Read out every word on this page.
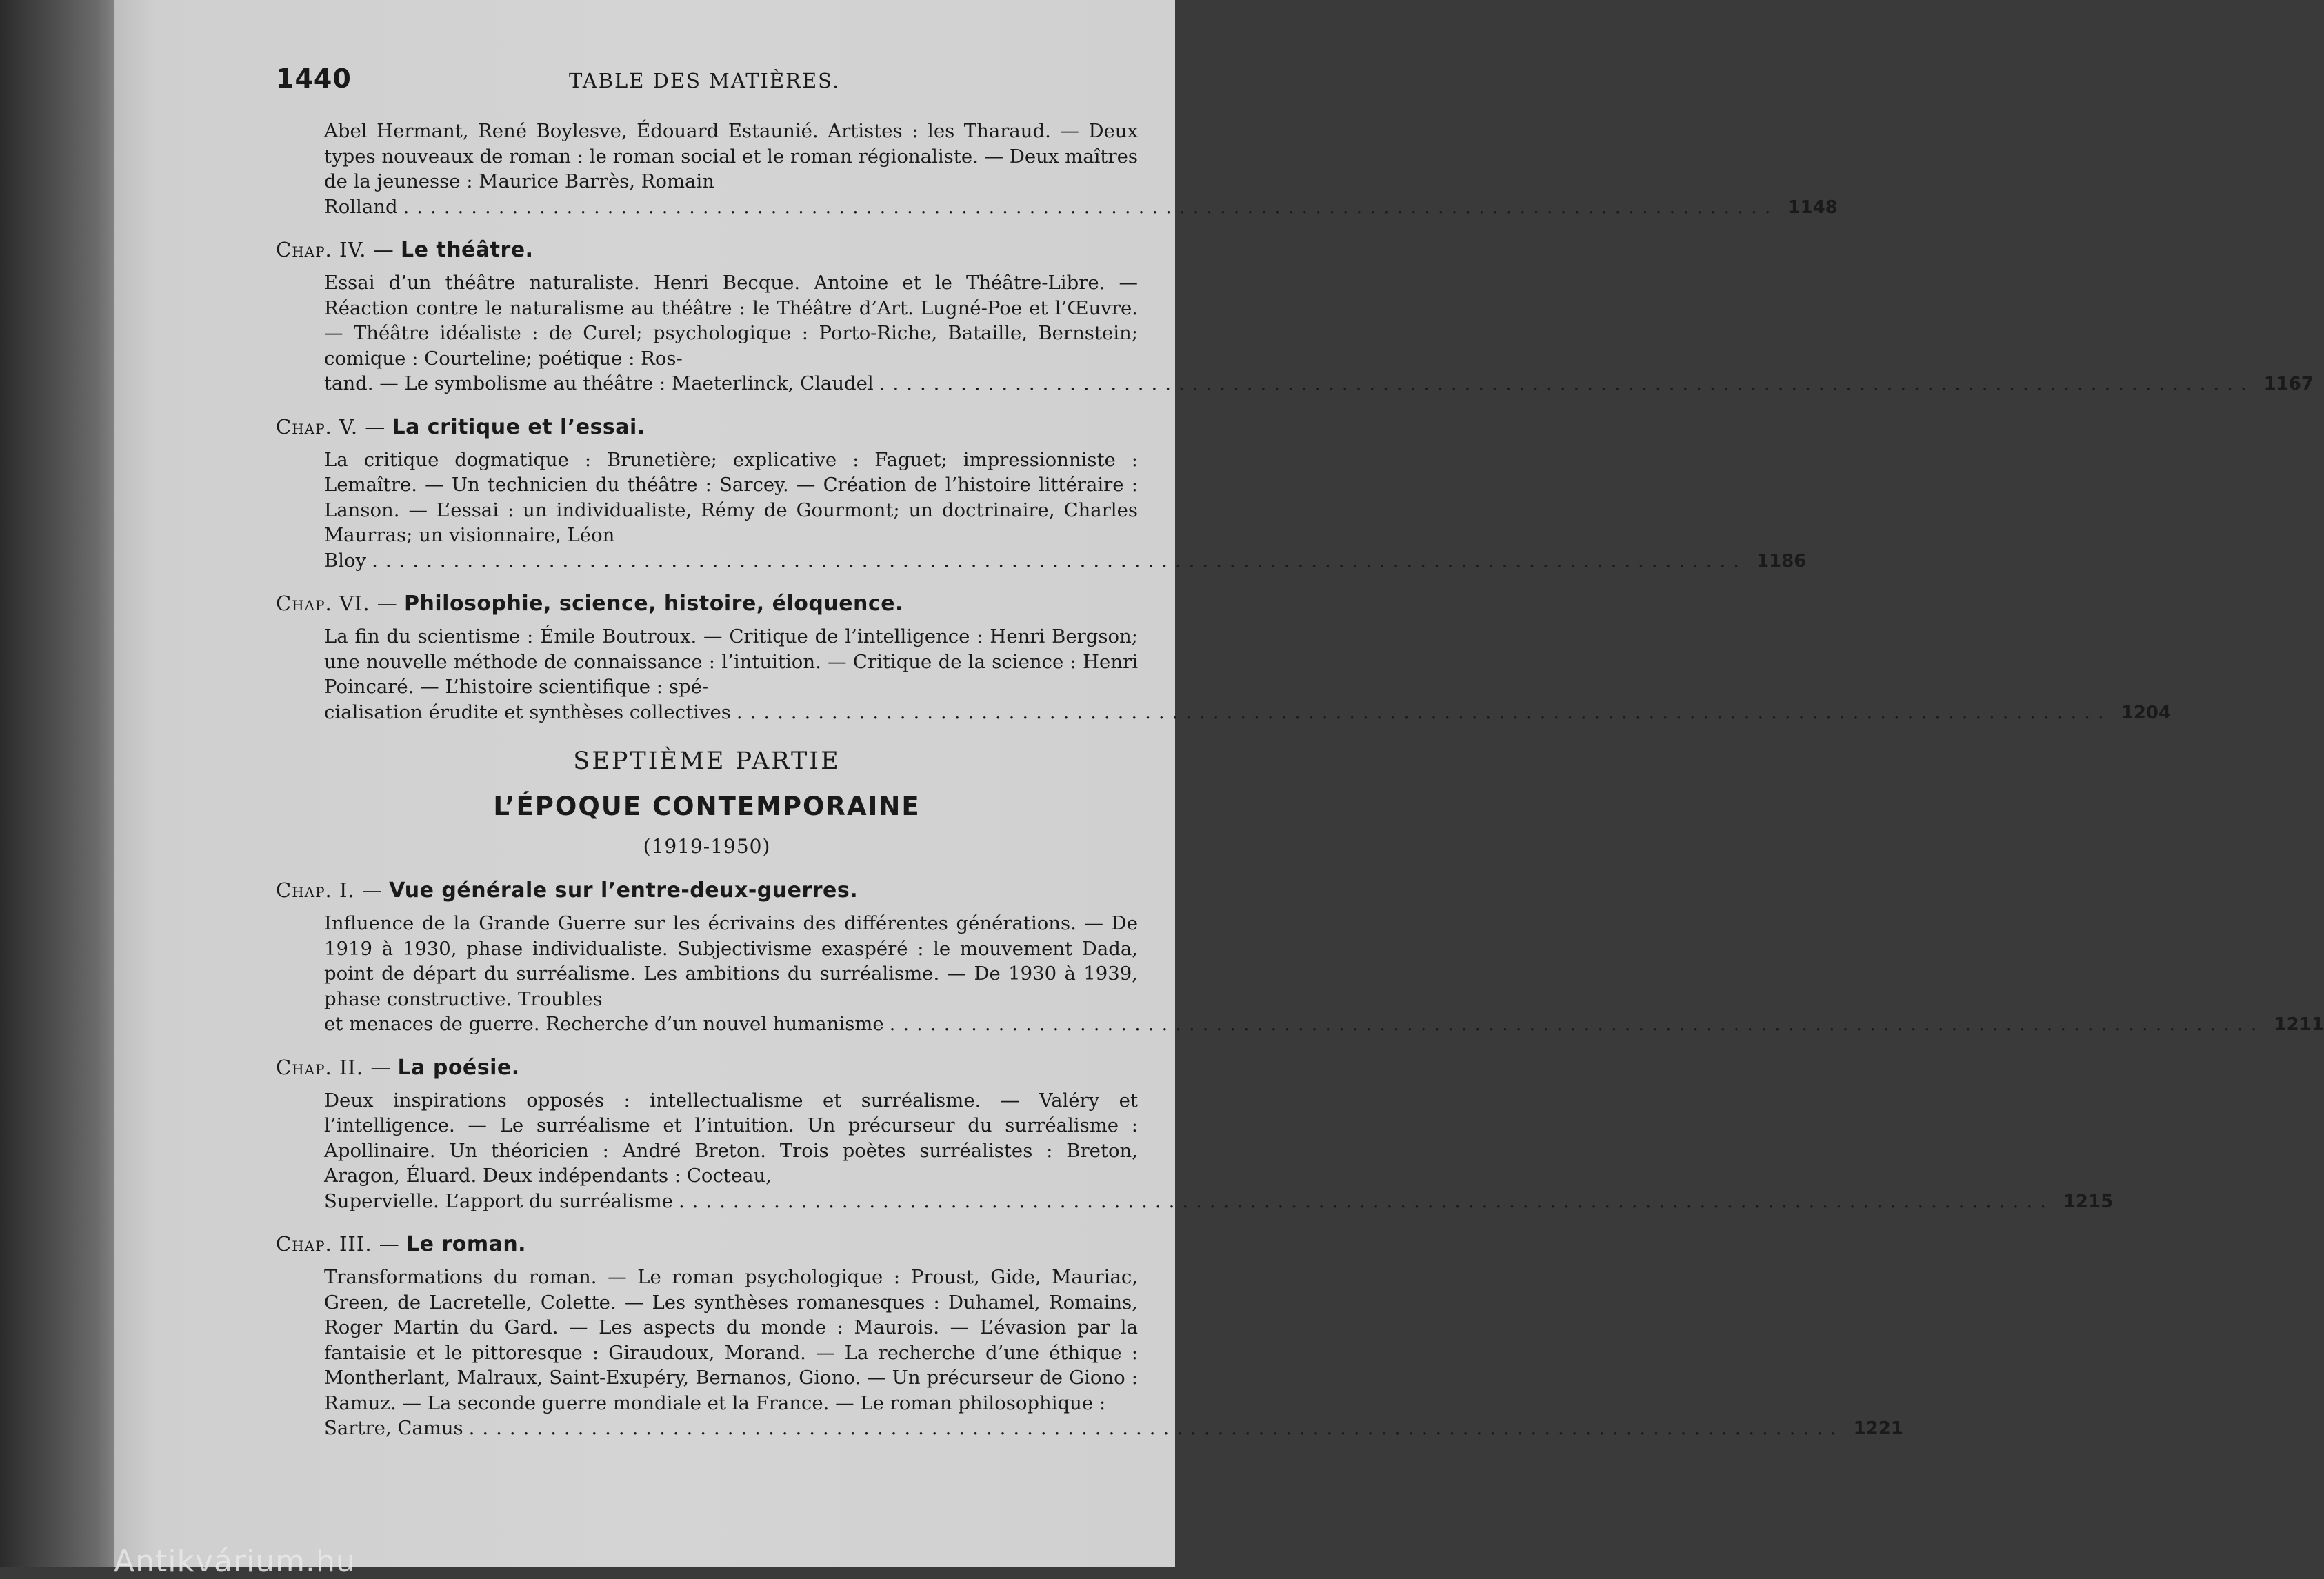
Antikvárium.hu
1440	TABLE DES MATIÈRES.
Abel Hermant, René Boylesve, Édouard Estaunié. Artistes : les Tharaud. — Deux types nouveaux de roman : le roman social et le roman régionaliste. — Deux maîtres de la jeunesse : Maurice Barrès, Romain
Rolland ..................................................................................................... 1148
Chap. IV. — Le théâtre.
Essai d’un théâtre naturaliste. Henri Becque. Antoine et le Théâtre-Libre. — Réaction contre le naturalisme au théâtre : le Théâtre d’Art. Lugné-Poe et l’Œuvre. — Théâtre idéaliste : de Curel; psychologique : Porto-Riche, Bataille, Bernstein; comique : Courteline; poétique : Ros-
tand. — Le symbolisme au théâtre : Maeterlinck, Claudel ..................................................................................................... 1167
Chap. V. — La critique et l’essai.
La critique dogmatique : Brunetière; explicative : Faguet; impressionniste : Lemaître. — Un technicien du théâtre : Sarcey. — Création de l’histoire littéraire : Lanson. — L’essai : un individualiste, Rémy de Gourmont; un doctrinaire, Charles Maurras; un visionnaire, Léon
Bloy ..................................................................................................... 1186
Chap. VI. — Philosophie, science, histoire, éloquence.
La fin du scientisme : Émile Boutroux. — Critique de l’intelligence : Henri Bergson; une nouvelle méthode de connaissance : l’intuition. — Critique de la science : Henri Poincaré. — L’histoire scientifique : spé-
cialisation érudite et synthèses collectives ..................................................................................................... 1204
SEPTIÈME PARTIE
L’ÉPOQUE CONTEMPORAINE
(1919-1950)
Chap. I. — Vue générale sur l’entre-deux-guerres.
Influence de la Grande Guerre sur les écrivains des différentes générations. — De 1919 à 1930, phase individualiste. Subjectivisme exaspéré : le mouvement Dada, point de départ du surréalisme. Les ambitions du surréalisme. — De 1930 à 1939, phase constructive. Troubles
et menaces de guerre. Recherche d’un nouvel humanisme ..................................................................................................... 1211
Chap. II. — La poésie.
Deux inspirations opposés : intellectualisme et surréalisme. — Valéry et l’intelligence. — Le surréalisme et l’intuition. Un précurseur du surréalisme : Apollinaire. Un théoricien : André Breton. Trois poètes surréalistes : Breton, Aragon, Éluard. Deux indépendants : Cocteau,
Supervielle. L’apport du surréalisme ..................................................................................................... 1215
Chap. III. — Le roman.
Transformations du roman. — Le roman psychologique : Proust, Gide, Mauriac, Green, de Lacretelle, Colette. — Les synthèses romanesques : Duhamel, Romains, Roger Martin du Gard. — Les aspects du monde : Maurois. — L’évasion par la fantaisie et le pittoresque : Giraudoux, Morand. — La recherche d’une éthique : Montherlant, Malraux, Saint-Exupéry, Bernanos, Giono. — Un précurseur de Giono : Ramuz. — La seconde guerre mondiale et la France. — Le roman philosophique :
Sartre, Camus ..................................................................................................... 1221
